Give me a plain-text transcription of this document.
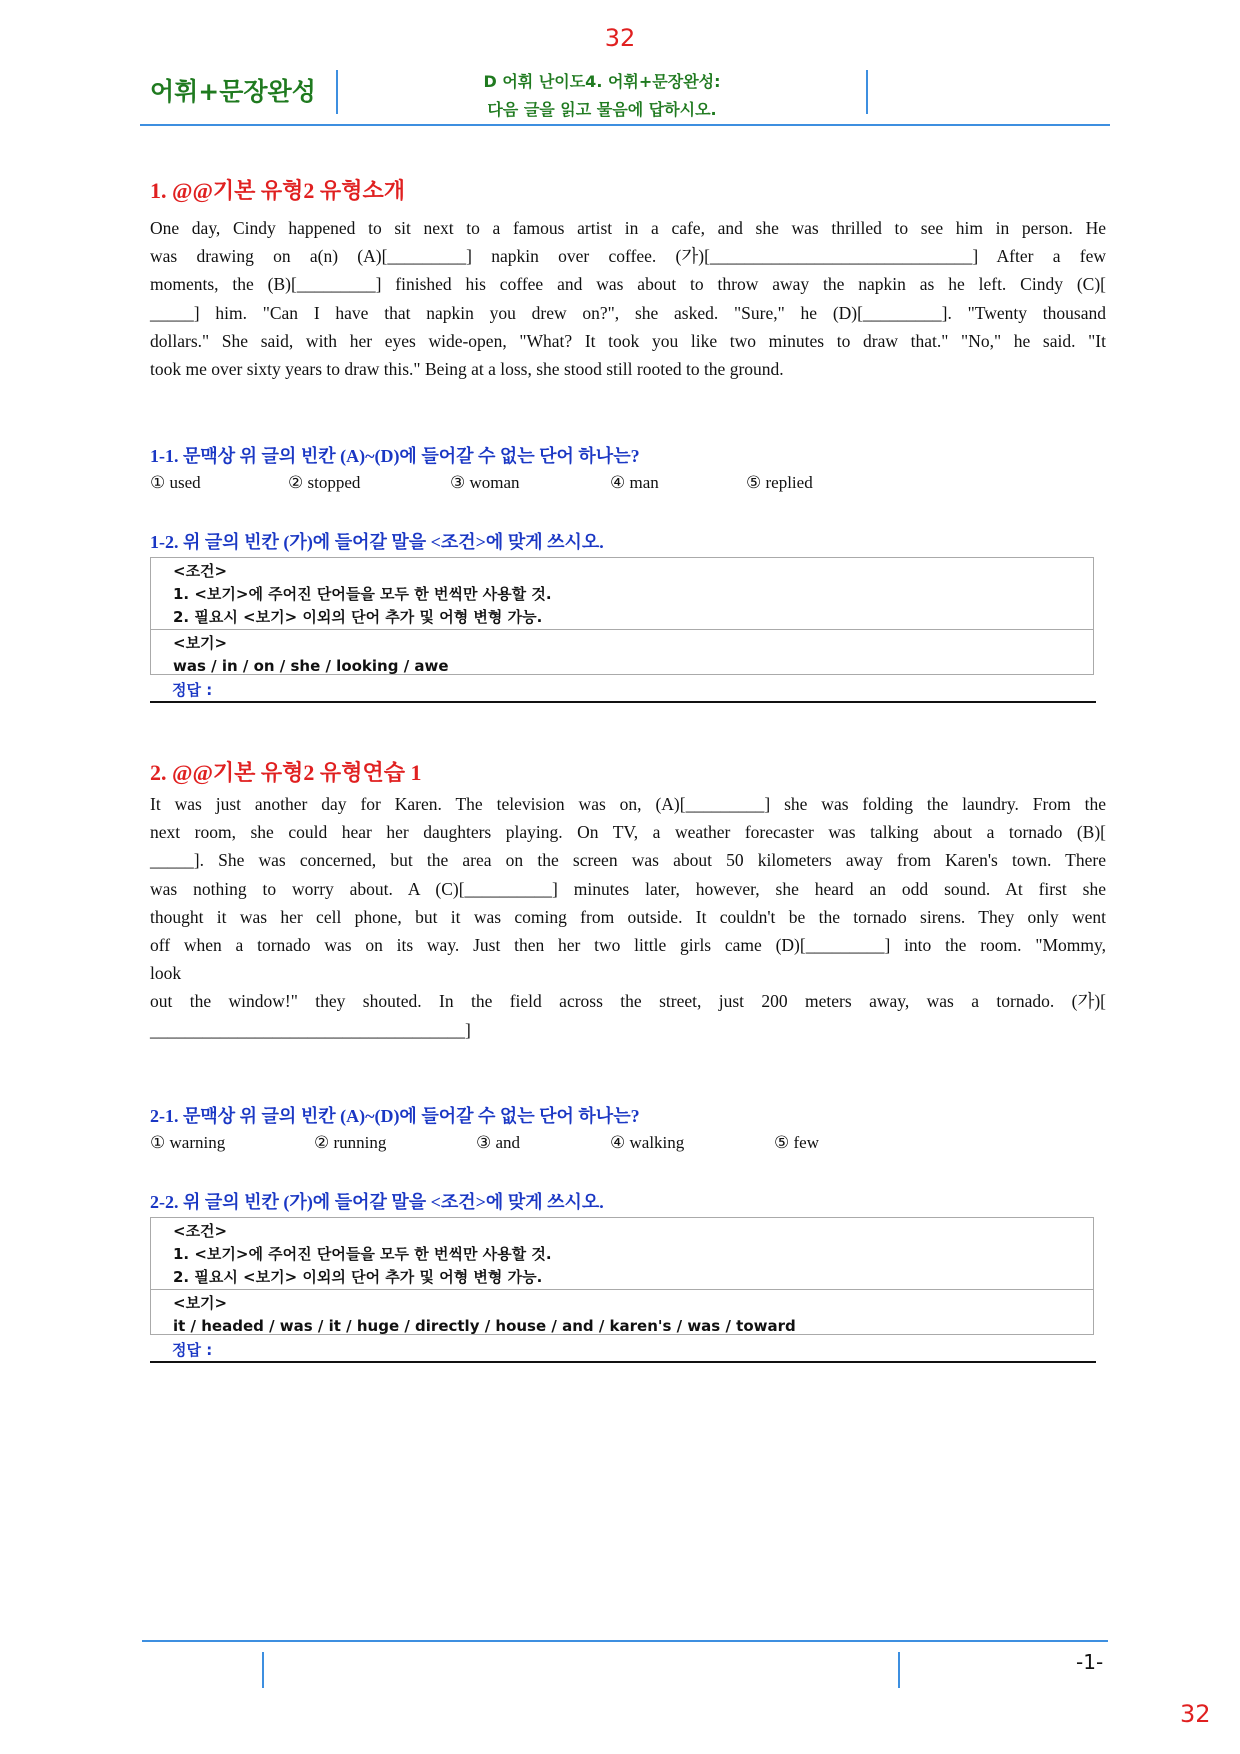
32
어휘+문장완성	D 어휘 난이도4. 어휘+문장완성:
다음 글을 읽고 물음에 답하시오.
1. @@기본 유형2 유형소개

One day, Cindy happened to sit next to a famous artist in a cafe, and she was thrilled to see him in person. He

was drawing on a(n) (A)[_________] napkin over coffee. (가)[______________________________] After a few

moments, the (B)[_________] finished his coffee and was about to throw away the napkin as he left. Cindy (C)[

_____] him. "Can I have that napkin you drew on?", she asked. "Sure," he (D)[_________]. "Twenty thousand

dollars." She said, with her eyes wide-open, "What? It took you like two minutes to draw that." "No," he said. "It

took me over sixty years to draw this." Being at a loss, she stood still rooted to the ground.

1-1. 문맥상 위 글의 빈칸 (A)~(D)에 들어갈 수 없는 단어 하나는?
① used	② stopped	③ woman	④ man	⑤ replied
1-2. 위 글의 빈칸 (가)에 들어갈 말을 <조건>에 맞게 쓰시오.
<조건>
1. <보기>에 주어진 단어들을 모두 한 번씩만 사용할 것.
2. 필요시 <보기> 이외의 단어 추가 및 어형 변형 가능.
<보기>
was / in / on / she / looking / awe
정답 :
2. @@기본 유형2 유형연습 1

It was just another day for Karen. The television was on, (A)[_________] she was folding the laundry. From the

next room, she could hear her daughters playing. On TV, a weather forecaster was talking about a tornado (B)[

_____]. She was concerned, but the area on the screen was about 50 kilometers away from Karen's town. There

was nothing to worry about. A (C)[__________] minutes later, however, she heard an odd sound. At first she

thought it was her cell phone, but it was coming from outside. It couldn't be the tornado sirens. They only went

off when a tornado was on its way. Just then her two little girls came (D)[_________] into the room. "Mommy,

look

out the window!" they shouted. In the field across the street, just 200 meters away, was a tornado. (가)[

____________________________________]

2-1. 문맥상 위 글의 빈칸 (A)~(D)에 들어갈 수 없는 단어 하나는?
① warning	② running	③ and	④ walking	⑤ few
2-2. 위 글의 빈칸 (가)에 들어갈 말을 <조건>에 맞게 쓰시오.
<조건>
1. <보기>에 주어진 단어들을 모두 한 번씩만 사용할 것.
2. 필요시 <보기> 이외의 단어 추가 및 어형 변형 가능.
<보기>
it / headed / was / it / huge / directly / house / and / karen's / was / toward
정답 :
-1-
32
